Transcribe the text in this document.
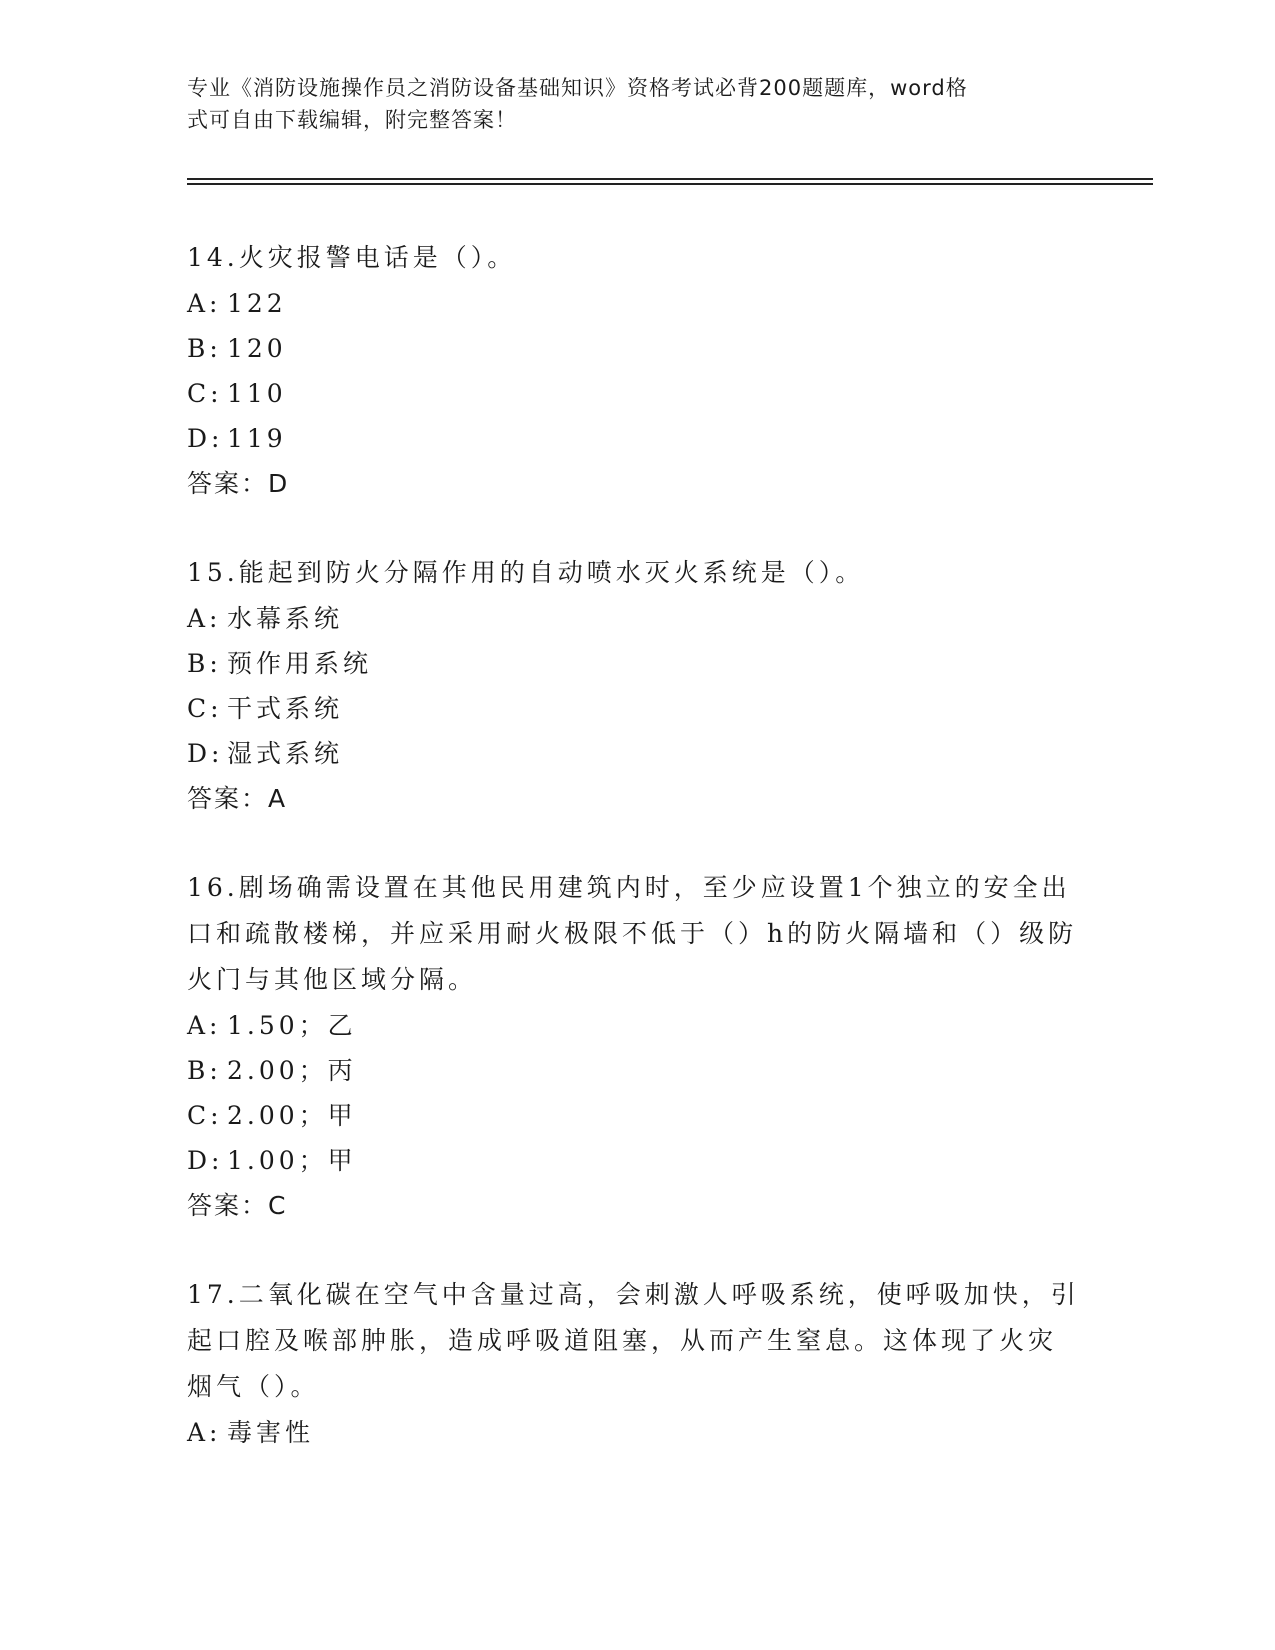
专业《消防设施操作员之消防设备基础知识》资格考试必背200题题库，word格
式可自由下载编辑，附完整答案！
14.火灾报警电话是（）。
A: 122
B: 120
C: 110
D: 119
答案：D
15.能起到防火分隔作用的自动喷水灭火系统是（）。
A: 水幕系统
B: 预作用系统
C: 干式系统
D: 湿式系统
答案：A
16.剧场确需设置在其他民用建筑内时，至少应设置1个独立的安全出
口和疏散楼梯，并应采用耐火极限不低于（）h的防火隔墙和（）级防
火门与其他区域分隔。
A: 1.50；乙
B: 2.00；丙
C: 2.00；甲
D: 1.00；甲
答案：C
17.二氧化碳在空气中含量过高，会刺激人呼吸系统，使呼吸加快，引
起口腔及喉部肿胀，造成呼吸道阻塞，从而产生窒息。这体现了火灾
烟气（）。
A: 毒害性
